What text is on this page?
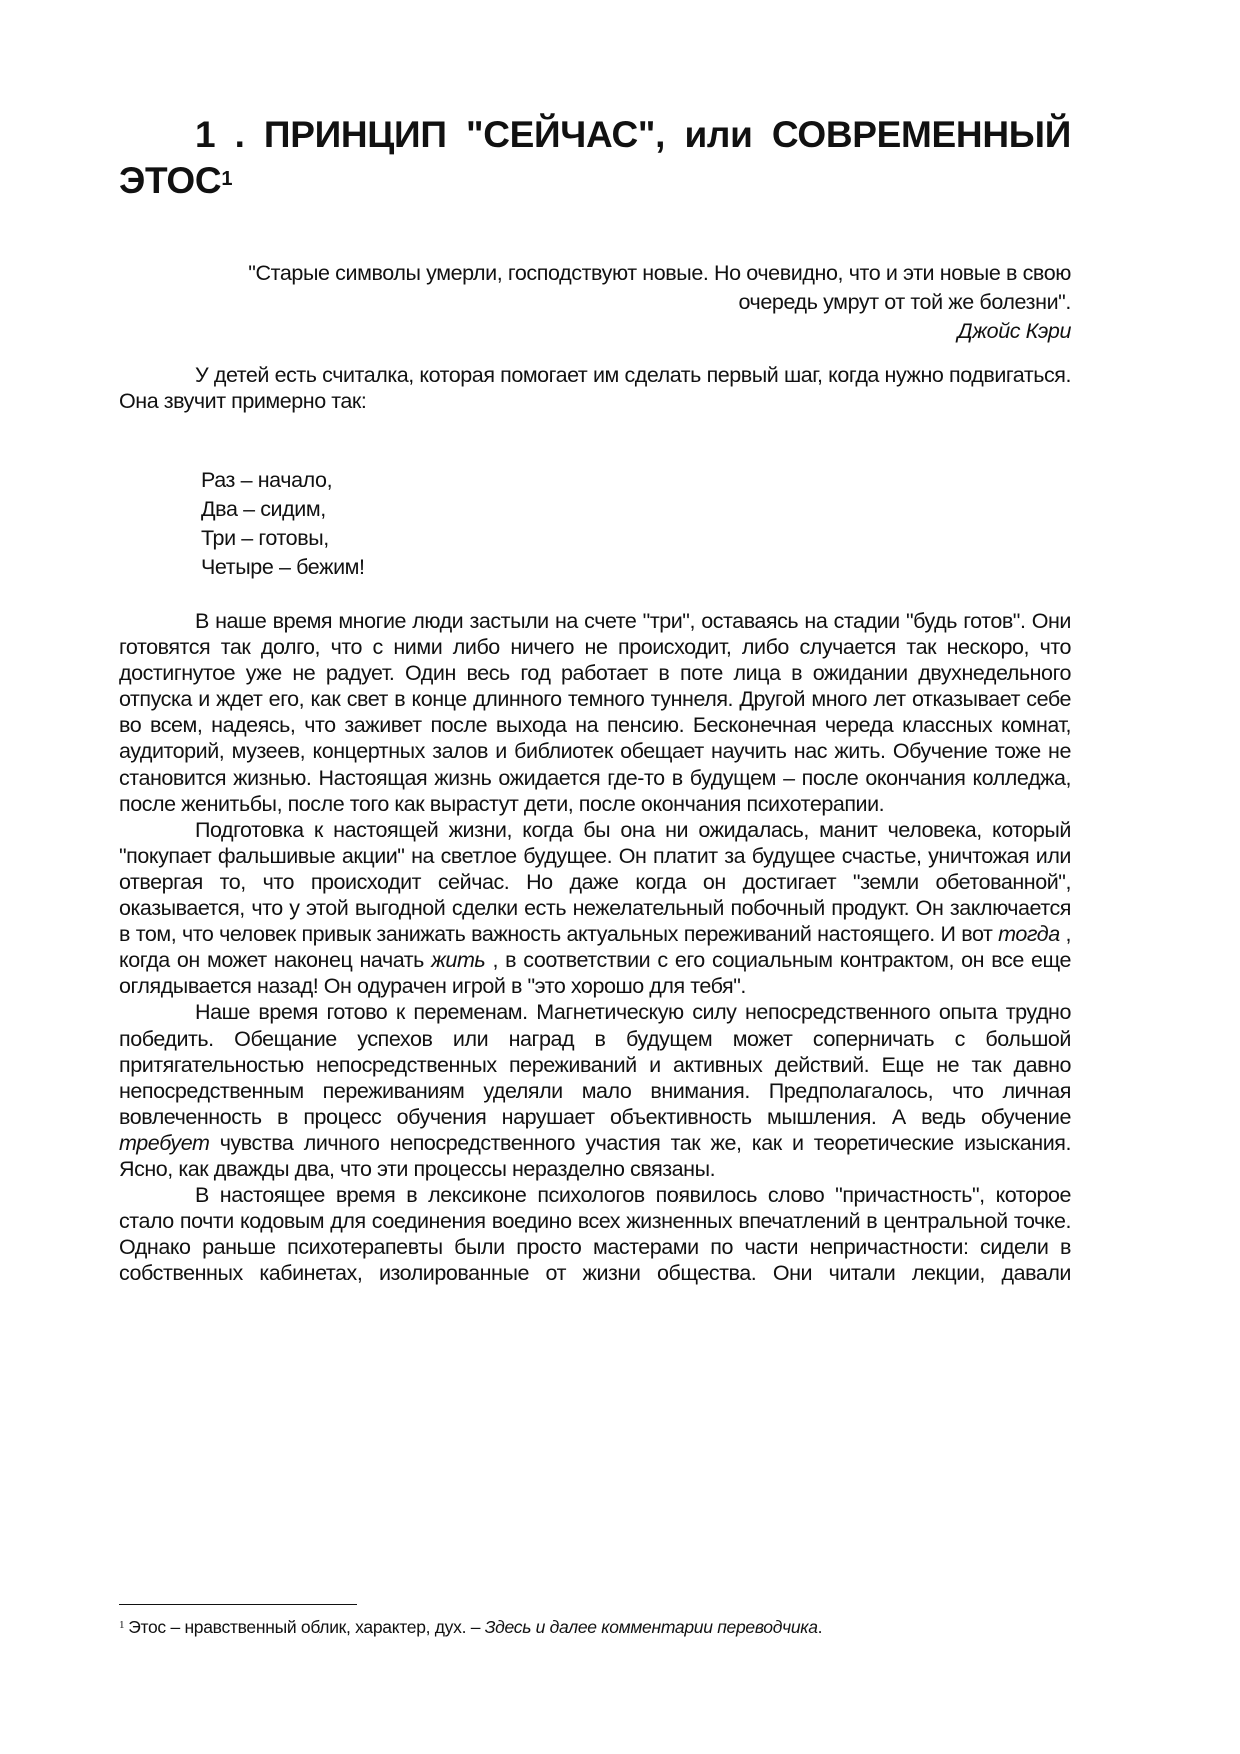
1 . ПРИНЦИП "СЕЙЧАС", или СОВРЕМЕННЫЙ ЭТОС$^1$
"Старые символы умерли, господствуют новые. Но очевидно, что и эти новые в свою очередь умрут от той же болезни".
Джойс Кэри

У детей есть считалка, которая помогает им сделать первый шаг, когда нужно подвигаться. Она звучит примерно так:

Раз – начало,
Два – сидим,
Три – готовы,
Четыре – бежим!

В наше время многие люди застыли на счете "три", оставаясь на стадии "будь готов". Они готовятся так долго, что с ними либо ничего не происходит, либо случается так нескоро, что достигнутое уже не радует. Один весь год работает в поте лица в ожидании двухнедельного отпуска и ждет его, как свет в конце длинного темного туннеля. Другой много лет отказывает себе во всем, надеясь, что заживет после выхода на пенсию. Бесконечная череда классных комнат, аудиторий, музеев, концертных залов и библиотек обещает научить нас жить. Обучение тоже не становится жизнью. Настоящая жизнь ожидается где-то в будущем – после окончания колледжа, после женитьбы, после того как вырастут дети, после окончания психотерапии.

Подготовка к настоящей жизни, когда бы она ни ожидалась, манит человека, который "покупает фальшивые акции" на светлое будущее. Он платит за будущее счастье, уничтожая или отвергая то, что происходит сейчас. Но даже когда он достигает "земли обетованной", оказывается, что у этой выгодной сделки есть нежелательный побочный продукт. Он заключается в том, что человек привык занижать важность актуальных переживаний настоящего. И вот тогда , когда он может наконец начать жить , в соответствии с его социальным контрактом, он все еще оглядывается назад! Он одурачен игрой в "это хорошо для тебя".

Наше время готово к переменам. Магнетическую силу непосредственного опыта трудно победить. Обещание успехов или наград в будущем может соперничать с большой притягательностью непосредственных переживаний и активных действий. Еще не так давно непосредственным переживаниям уделяли мало внимания. Предполагалось, что личная вовлеченность в процесс обучения нарушает объективность мышления. А ведь обучение требует чувства личного непосредственного участия так же, как и теоретические изыскания. Ясно, как дважды два, что эти процессы неразделно связаны.

В настоящее время в лексиконе психологов появилось слово "причастность", которое стало почти кодовым для соединения воедино всех жизненных впечатлений в центральной точке. Однако раньше психотерапевты были просто мастерами по части непричастности: сидели в собственных кабинетах, изолированные от жизни общества. Они читали лекции, давали

$^1$ Этос – нравственный облик, характер, дух. – Здесь и далее комментарии переводчика.
